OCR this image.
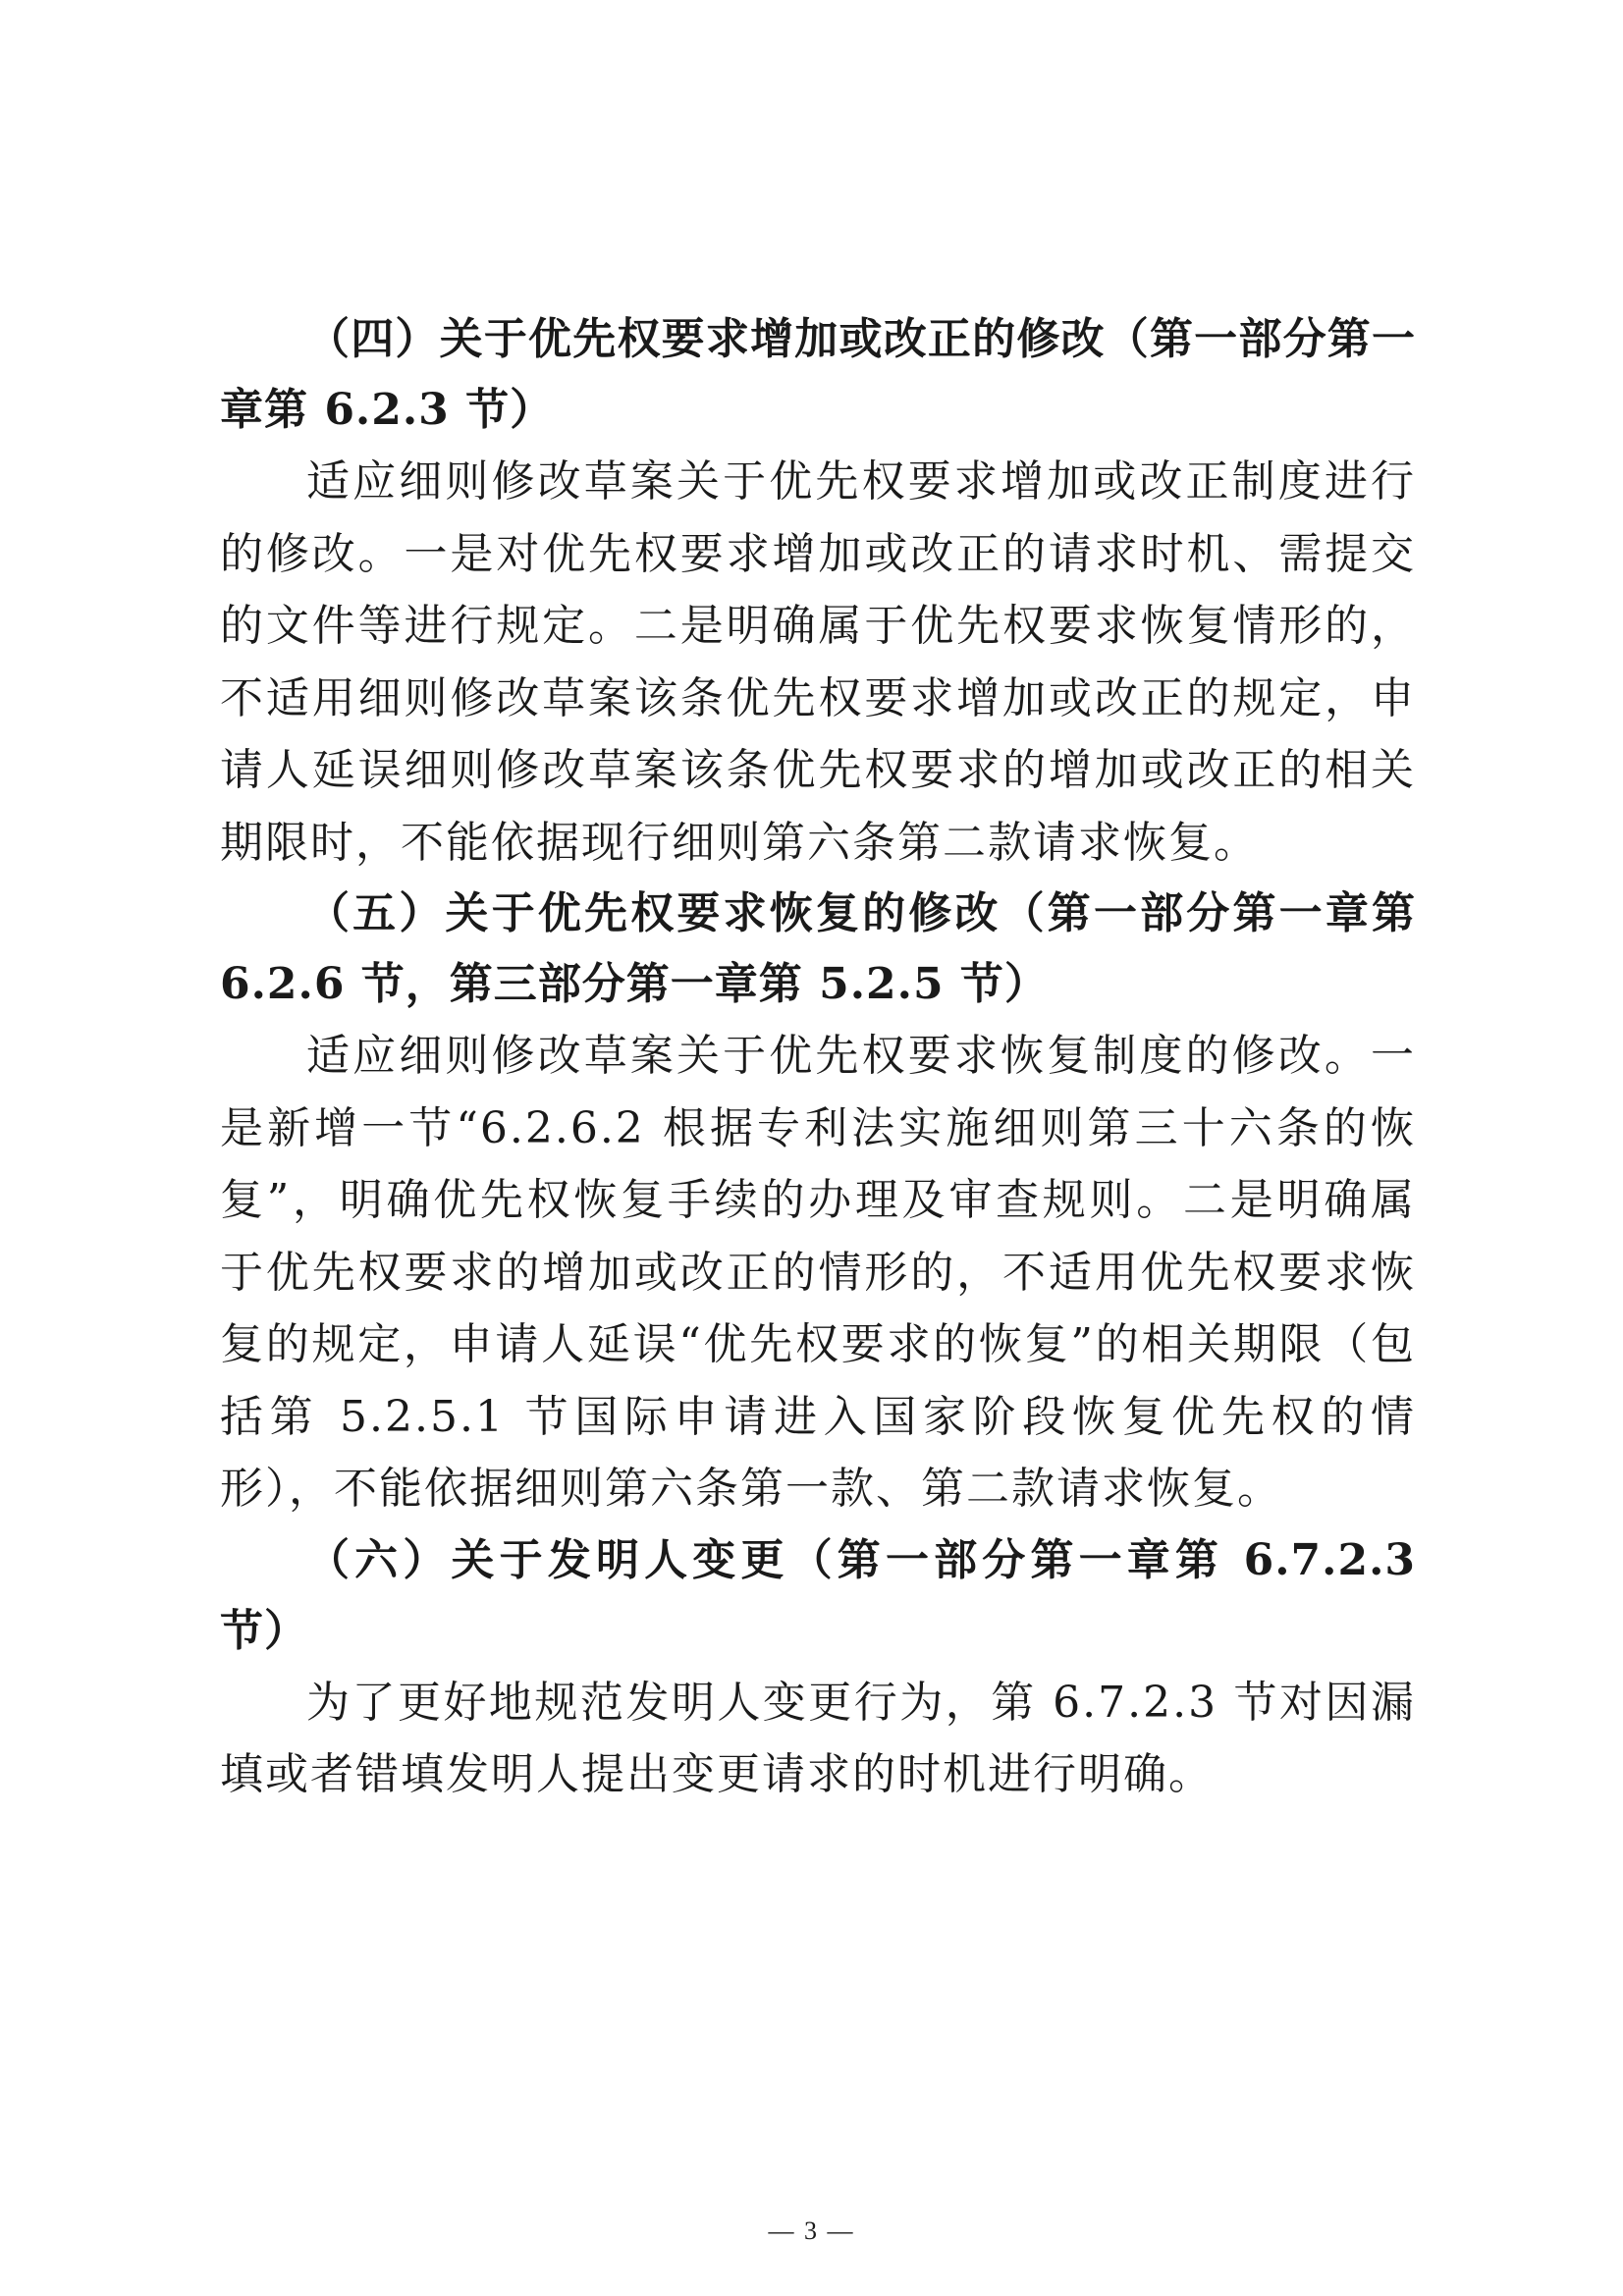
（四）关于优先权要求增加或改正的修改（第一部分第一章第 6.2.3 节）

适应细则修改草案关于优先权要求增加或改正制度进行的修改。一是对优先权要求增加或改正的请求时机、需提交的文件等进行规定。二是明确属于优先权要求恢复情形的，不适用细则修改草案该条优先权要求增加或改正的规定，申请人延误细则修改草案该条优先权要求的增加或改正的相关期限时，不能依据现行细则第六条第二款请求恢复。

（五）关于优先权要求恢复的修改（第一部分第一章第 6.2.6 节，第三部分第一章第 5.2.5 节）

适应细则修改草案关于优先权要求恢复制度的修改。一是新增一节“6.2.6.2 根据专利法实施细则第三十六条的恢复”，明确优先权恢复手续的办理及审查规则。二是明确属于优先权要求的增加或改正的情形的，不适用优先权要求恢复的规定，申请人延误“优先权要求的恢复”的相关期限（包括第 5.2.5.1 节国际申请进入国家阶段恢复优先权的情形），不能依据细则第六条第一款、第二款请求恢复。

（六）关于发明人变更（第一部分第一章第 6.7.2.3 节）

为了更好地规范发明人变更行为，第 6.7.2.3 节对因漏填或者错填发明人提出变更请求的时机进行明确。

— 3 —
